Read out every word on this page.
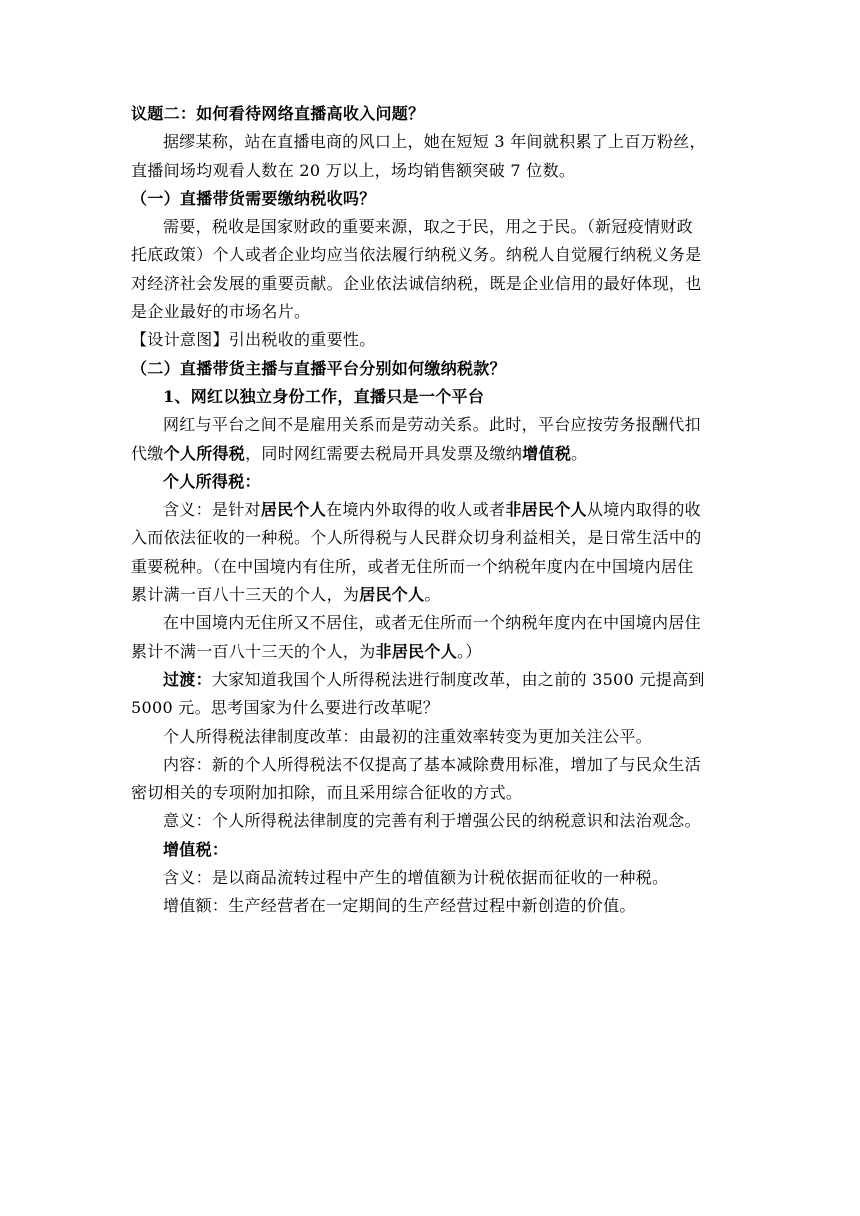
议题二：如何看待网络直播高收入问题？
据缪某称，站在直播电商的风口上，她在短短 3 年间就积累了上百万粉丝，
直播间场均观看人数在 20 万以上，场均销售额突破 7 位数。
（一）直播带货需要缴纳税收吗？
需要，税收是国家财政的重要来源，取之于民，用之于民。（新冠疫情财政
托底政策）个人或者企业均应当依法履行纳税义务。纳税人自觉履行纳税义务是
对经济社会发展的重要贡献。企业依法诚信纳税，既是企业信用的最好体现，也
是企业最好的市场名片。
【设计意图】引出税收的重要性。
（二）直播带货主播与直播平台分别如何缴纳税款？
1、网红以独立身份工作，直播只是一个平台
网红与平台之间不是雇用关系而是劳动关系。此时，平台应按劳务报酬代扣
代缴个人所得税，同时网红需要去税局开具发票及缴纳增值税。
个人所得税：
含义：是针对居民个人在境内外取得的收人或者非居民个人从境内取得的收
入而依法征收的一种税。个人所得税与人民群众切身利益相关，是日常生活中的
重要税种。（在中国境内有住所，或者无住所而一个纳税年度内在中国境内居住
累计满一百八十三天的个人，为居民个人。
在中国境内无住所又不居住，或者无住所而一个纳税年度内在中国境内居住
累计不满一百八十三天的个人，为非居民个人。）
过渡：大家知道我国个人所得税法进行制度改革，由之前的 3500 元提高到
5000 元。思考国家为什么要进行改革呢？
个人所得税法律制度改革：由最初的注重效率转变为更加关注公平。
内容：新的个人所得税法不仅提高了基本减除费用标准，增加了与民众生活
密切相关的专项附加扣除，而且采用综合征收的方式。
意义：个人所得税法律制度的完善有利于增强公民的纳税意识和法治观念。
增值税：
含义：是以商品流转过程中产生的增值额为计税依据而征收的一种税。
增值额：生产经营者在一定期间的生产经营过程中新创造的价值。
